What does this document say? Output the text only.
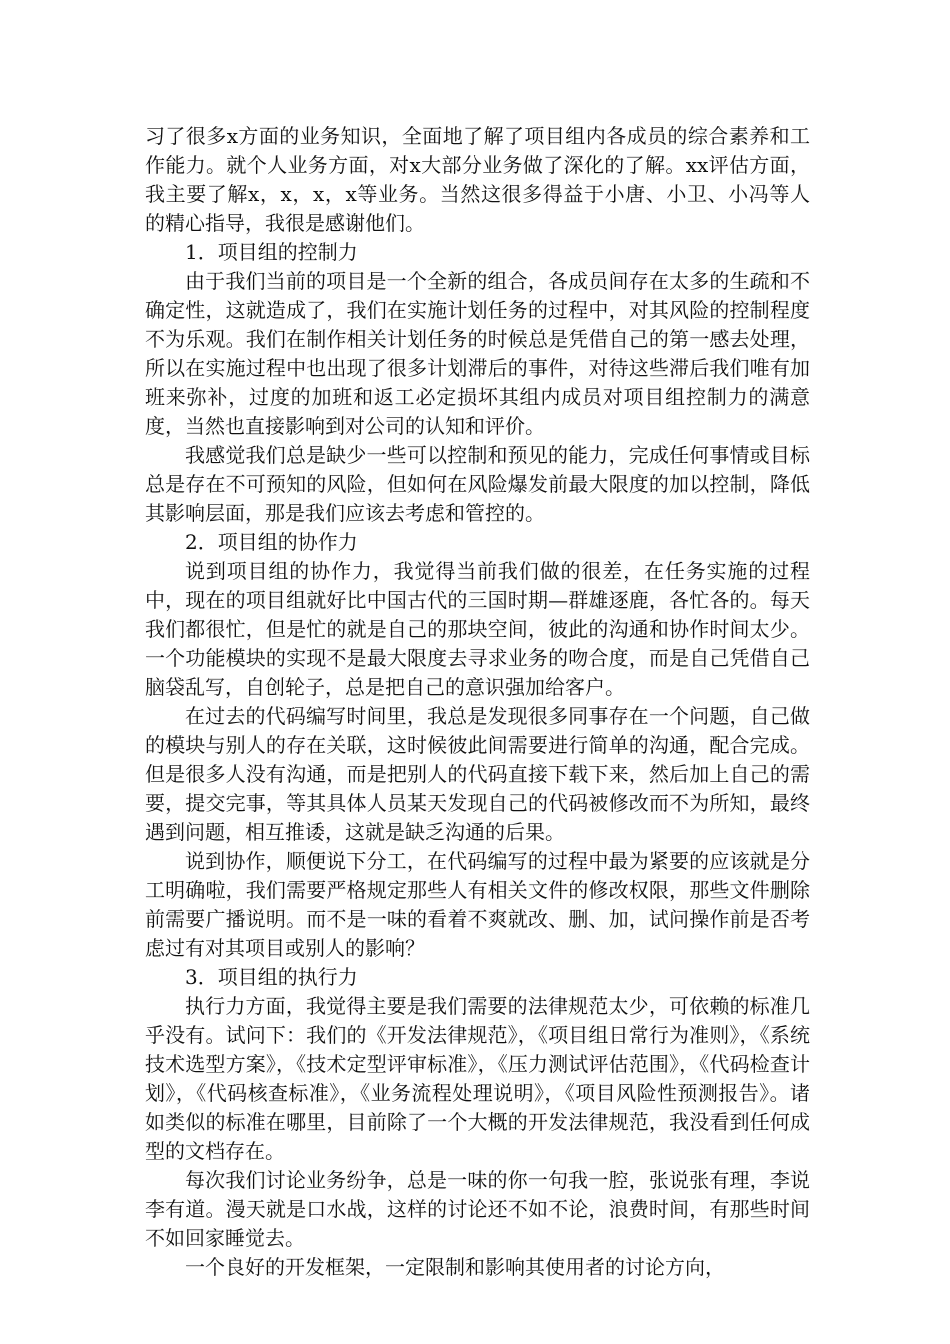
习了很多x方面的业务知识，全面地了解了项目组内各成员的综合素养和工作能力。就个人业务方面，对x大部分业务做了深化的了解。xx评估方面，我主要了解x，x，x，x等业务。当然这很多得益于小唐、小卫、小冯等人的精心指导，我很是感谢他们。

1．项目组的控制力

由于我们当前的项目是一个全新的组合，各成员间存在太多的生疏和不确定性，这就造成了，我们在实施计划任务的过程中，对其风险的控制程度不为乐观。我们在制作相关计划任务的时候总是凭借自己的第一感去处理，所以在实施过程中也出现了很多计划滞后的事件，对待这些滞后我们唯有加班来弥补，过度的加班和返工必定损坏其组内成员对项目组控制力的满意度，当然也直接影响到对公司的认知和评价。

我感觉我们总是缺少一些可以控制和预见的能力，完成任何事情或目标总是存在不可预知的风险，但如何在风险爆发前最大限度的加以控制，降低其影响层面，那是我们应该去考虑和管控的。

2．项目组的协作力

说到项目组的协作力，我觉得当前我们做的很差，在任务实施的过程中，现在的项目组就好比中国古代的三国时期—群雄逐鹿，各忙各的。每天我们都很忙，但是忙的就是自己的那块空间，彼此的沟通和协作时间太少。一个功能模块的实现不是最大限度去寻求业务的吻合度，而是自己凭借自己脑袋乱写，自创轮子，总是把自己的意识强加给客户。

在过去的代码编写时间里，我总是发现很多同事存在一个问题，自己做的模块与别人的存在关联，这时候彼此间需要进行简单的沟通，配合完成。但是很多人没有沟通，而是把别人的代码直接下载下来，然后加上自己的需要，提交完事，等其具体人员某天发现自己的代码被修改而不为所知，最终遇到问题，相互推诿，这就是缺乏沟通的后果。

说到协作，顺便说下分工，在代码编写的过程中最为紧要的应该就是分工明确啦，我们需要严格规定那些人有相关文件的修改权限，那些文件删除前需要广播说明。而不是一味的看着不爽就改、删、加，试问操作前是否考虑过有对其项目或别人的影响？

3．项目组的执行力

执行力方面，我觉得主要是我们需要的法律规范太少，可依赖的标准几乎没有。试问下：我们的《开发法律规范》，《项目组日常行为准则》，《系统技术选型方案》，《技术定型评审标准》，《压力测试评估范围》，《代码检查计划》，《代码核查标准》，《业务流程处理说明》，《项目风险性预测报告》。诸如类似的标准在哪里，目前除了一个大概的开发法律规范，我没看到任何成型的文档存在。

每次我们讨论业务纷争，总是一味的你一句我一腔，张说张有理，李说李有道。漫天就是口水战，这样的讨论还不如不论，浪费时间，有那些时间不如回家睡觉去。

一个良好的开发框架，一定限制和影响其使用者的讨论方向，
